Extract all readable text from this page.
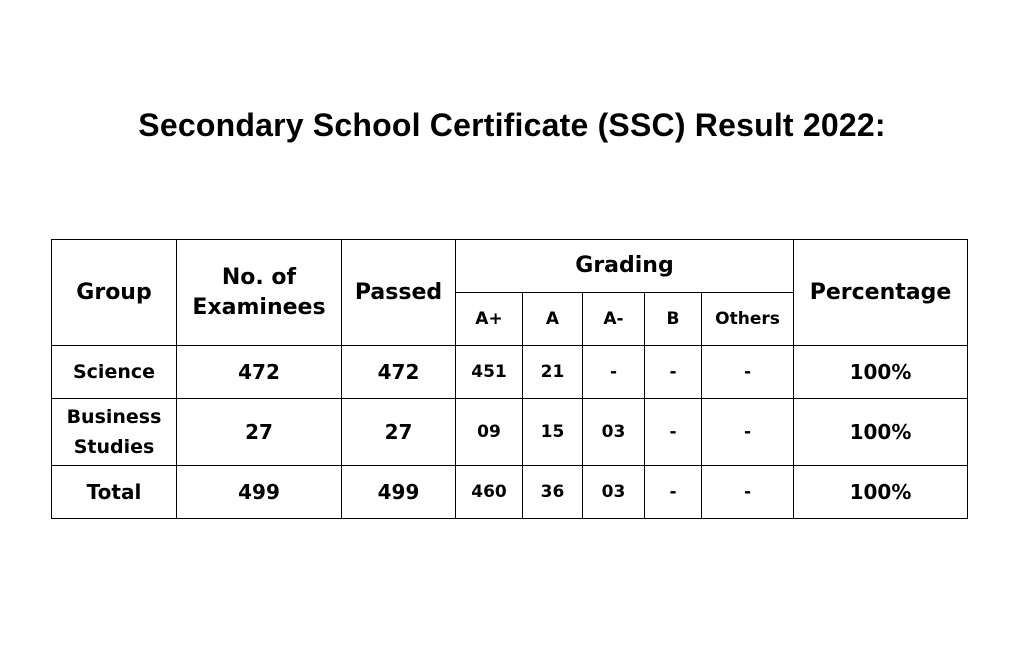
Secondary School Certificate (SSC) Result 2022:
Group	No. of Examinees	Passed	Grading					Percentage
			A+	A	A-	B	Others	
Science	472	472	451	21	-	-	-	100%
Business Studies	27	27	09	15	03	-	-	100%
Total	499	499	460	36	03	-	-	100%
